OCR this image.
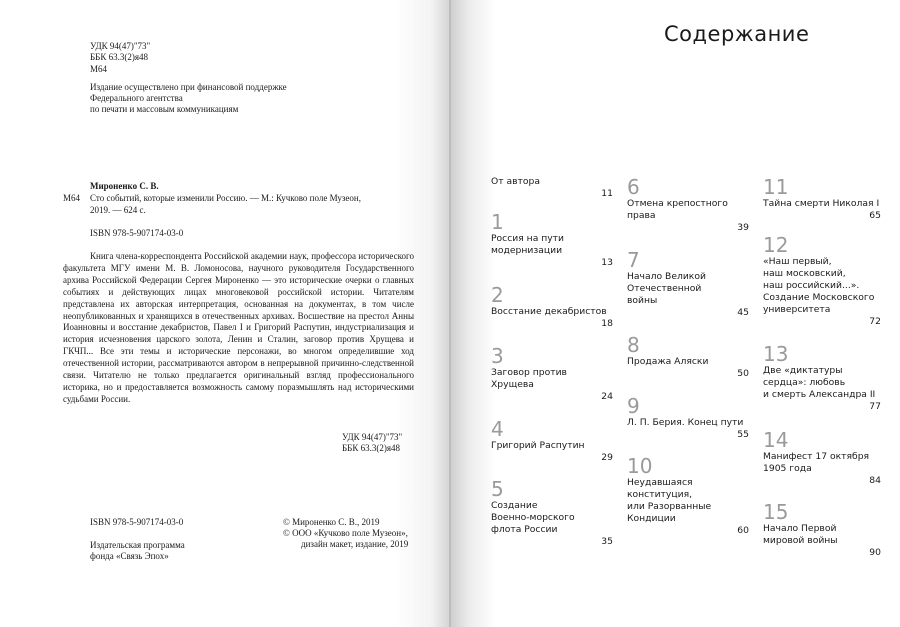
УДК 94(47)"73"
ББК 63.3(2)я48
М64
Издание осуществлено при финансовой поддержке
Федерального агентства
по печати и массовым коммуникациям
Мироненко С. В.
М64 Сто событий, которые изменили Россию. — М.: Кучково поле Музеон,
2019. — 624 с.
ISBN 978-5-907174-03-0
Книга члена-корреспондента Российской академии наук, профессора исторического факультета МГУ имени М. В. Ломоносова, научного руководителя Государственного архива Российской Федерации Сергея Мироненко — это исторические очерки о главных событиях и действующих лицах многовековой российской истории. Читателям представлена их авторская интерпретация, основанная на документах, в том числе неопубликованных и хранящихся в отечественных архивах. Восшествие на престол Анны Иоанновны и восстание декабристов, Павел I и Григорий Распутин, индустриализация и история исчезновения царского золота, Ленин и Сталин, заговор против Хрущева и ГКЧП... Все эти темы и исторические персонажи, во многом определившие ход отечественной истории, рассматриваются автором в непрерывной причинно-следственной связи. Читателю не только предлагается оригинальный взгляд профессионального историка, но и предоставляется возможность самому поразмышлять над историческими судьбами России.
УДК 94(47)"73"
ББК 63.3(2)я48
ISBN 978-5-907174-03-0
Издательская программа
фонда «Связь Эпох»
© Мироненко С. В., 2019
© ООО «Кучково поле Музеон»,
дизайн макет, издание, 2019
Содержание
От автора
11
1
Россия на пути
модернизации
13
2
Восстание декабристов
18
3
Заговор против
Хрущева
24
4
Григорий Распутин
29
5
Создание
Военно-морского
флота России
35
6
Отмена крепостного
права
39
7
Начало Великой
Отечественной
войны
45
8
Продажа Аляски
50
9
Л. П. Берия. Конец пути
55
10
Неудавшаяся
конституция,
или Разорванные
Кондиции
60
11
Тайна смерти Николая I
65
12
«Наш первый,
наш московский,
наш российский...».
Создание Московского
университета
72
13
Две «диктатуры
сердца»: любовь
и смерть Александра II
77
14
Манифест 17 октября
1905 года
84
15
Начало Первой
мировой войны
90
